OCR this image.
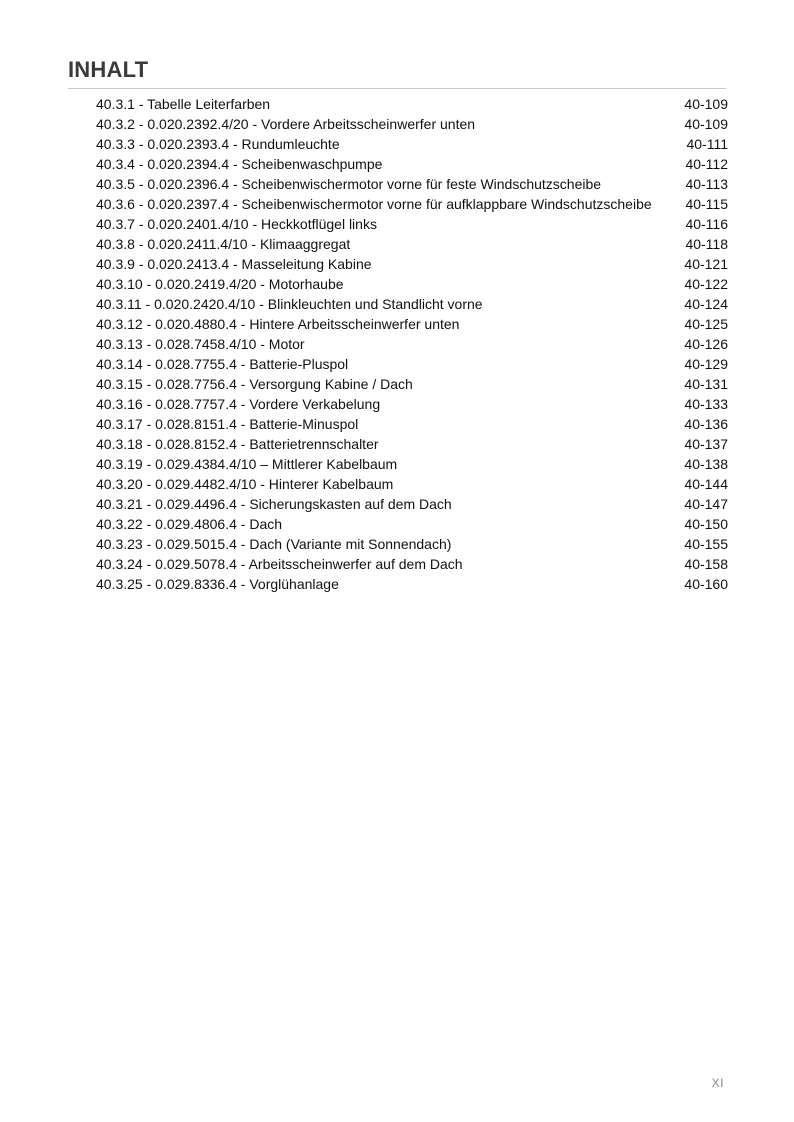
INHALT
40.3.1 - Tabelle Leiterfarben	40-109
40.3.2 - 0.020.2392.4/20 - Vordere Arbeitsscheinwerfer unten	40-109
40.3.3 - 0.020.2393.4 - Rundumleuchte	40-111
40.3.4 - 0.020.2394.4 - Scheibenwaschpumpe	40-112
40.3.5 - 0.020.2396.4 - Scheibenwischermotor vorne für feste Windschutzscheibe	40-113
40.3.6 - 0.020.2397.4 - Scheibenwischermotor vorne für aufklappbare Windschutzscheibe	40-115
40.3.7 - 0.020.2401.4/10 - Heckkotflügel links	40-116
40.3.8 - 0.020.2411.4/10 - Klimaaggregat	40-118
40.3.9 - 0.020.2413.4 - Masseleitung Kabine	40-121
40.3.10 - 0.020.2419.4/20 - Motorhaube	40-122
40.3.11 - 0.020.2420.4/10 - Blinkleuchten und Standlicht vorne	40-124
40.3.12 - 0.020.4880.4 - Hintere Arbeitsscheinwerfer unten	40-125
40.3.13 - 0.028.7458.4/10 - Motor	40-126
40.3.14 - 0.028.7755.4 - Batterie-Pluspol	40-129
40.3.15 - 0.028.7756.4 - Versorgung Kabine / Dach	40-131
40.3.16 - 0.028.7757.4 - Vordere Verkabelung	40-133
40.3.17 - 0.028.8151.4 - Batterie-Minuspol	40-136
40.3.18 - 0.028.8152.4 - Batterietrennschalter	40-137
40.3.19 - 0.029.4384.4/10 – Mittlerer Kabelbaum	40-138
40.3.20 - 0.029.4482.4/10 - Hinterer Kabelbaum	40-144
40.3.21 - 0.029.4496.4 - Sicherungskasten auf dem Dach	40-147
40.3.22 - 0.029.4806.4 - Dach	40-150
40.3.23 - 0.029.5015.4 - Dach (Variante mit Sonnendach)	40-155
40.3.24 - 0.029.5078.4 - Arbeitsscheinwerfer auf dem Dach	40-158
40.3.25 - 0.029.8336.4 - Vorglühanlage	40-160
XI
